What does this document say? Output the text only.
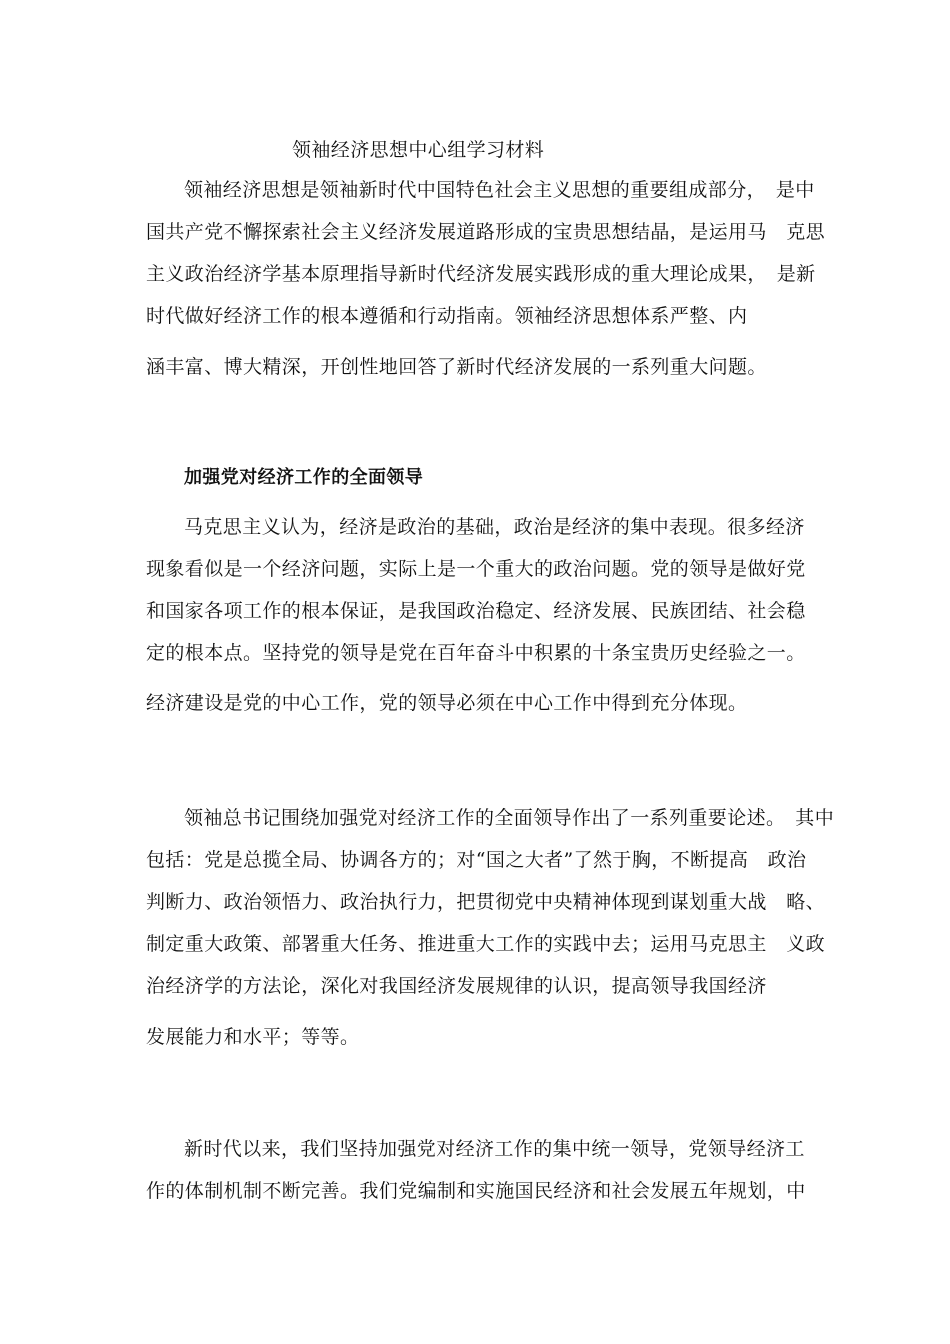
领袖经济思想中心组学习材料
领袖经济思想是领袖新时代中国特色社会主义思想的重要组成部分，　是中
国共产党不懈探索社会主义经济发展道路形成的宝贵思想结晶，是运用马　克思
主义政治经济学基本原理指导新时代经济发展实践形成的重大理论成果，　是新
时代做好经济工作的根本遵循和行动指南。领袖经济思想体系严整、内
涵丰富、博大精深，开创性地回答了新时代经济发展的一系列重大问题。
加强党对经济工作的全面领导
马克思主义认为，经济是政治的基础，政治是经济的集中表现。很多经济
现象看似是一个经济问题，实际上是一个重大的政治问题。党的领导是做好党
和国家各项工作的根本保证，是我国政治稳定、经济发展、民族团结、社会稳
定的根本点。坚持党的领导是党在百年奋斗中积累的十条宝贵历史经验之一。
经济建设是党的中心工作，党的领导必须在中心工作中得到充分体现。
领袖总书记围绕加强党对经济工作的全面领导作出了一系列重要论述。　其中
包括：党是总揽全局、协调各方的；对“国之大者”了然于胸，不断提高　政治
判断力、政治领悟力、政治执行力，把贯彻党中央精神体现到谋划重大战　略、
制定重大政策、部署重大任务、推进重大工作的实践中去；运用马克思主　义政
治经济学的方法论，深化对我国经济发展规律的认识，提高领导我国经济
发展能力和水平；等等。
新时代以来，我们坚持加强党对经济工作的集中统一领导，党领导经济工
作的体制机制不断完善。我们党编制和实施国民经济和社会发展五年规划，中
